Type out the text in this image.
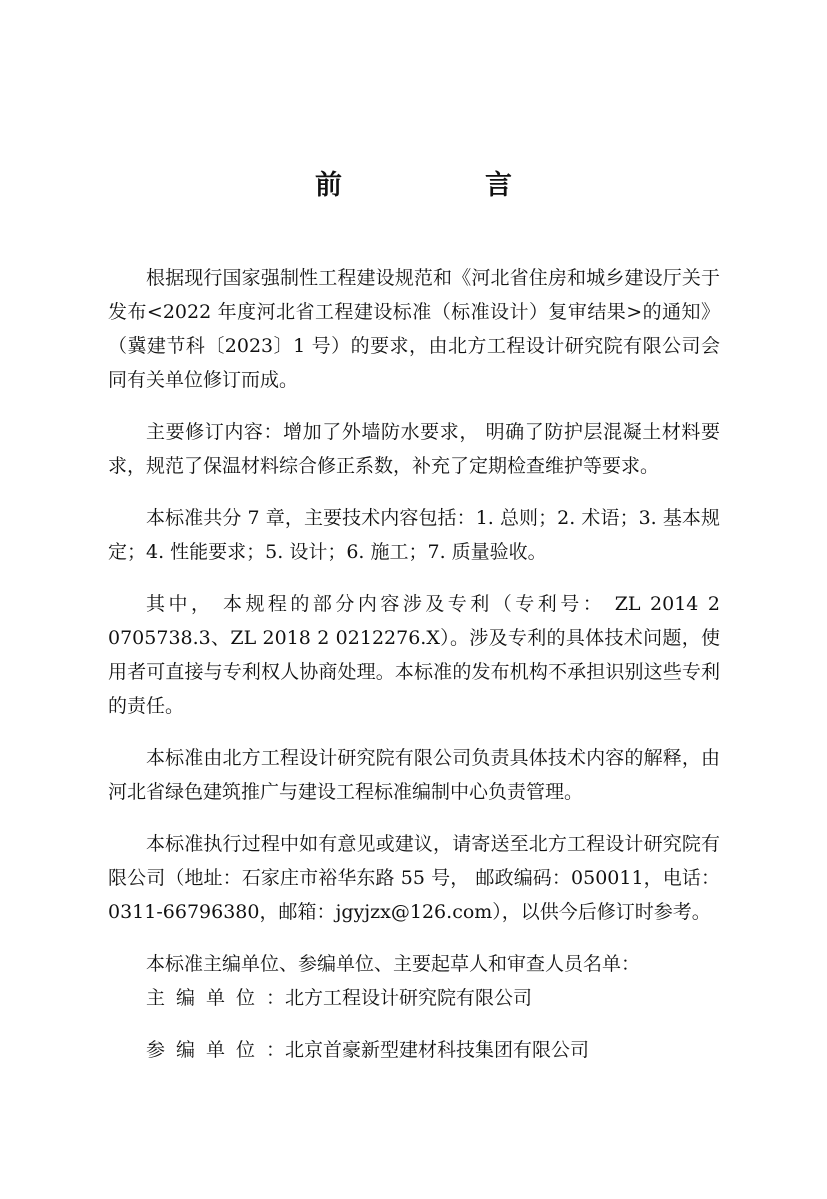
前　言

根据现行国家强制性工程建设规范和《河北省住房和城乡建设厅关于发布<2022 年度河北省工程建设标准（标准设计）复审结果>的通知》（冀建节科〔2023〕1 号）的要求，由北方工程设计研究院有限公司会同有关单位修订而成。

主要修订内容：增加了外墙防水要求， 明确了防护层混凝土材料要求，规范了保温材料综合修正系数，补充了定期检查维护等要求。

本标准共分 7 章，主要技术内容包括：1. 总则；2. 术语；3. 基本规定；4. 性能要求；5. 设计；6. 施工；7. 质量验收。

其中， 本规程的部分内容涉及专利（专利号： ZL 2014 2 0705738.3、ZL 2018 2 0212276.X）。涉及专利的具体技术问题，使用者可直接与专利权人协商处理。本标准的发布机构不承担识别这些专利的责任。

本标准由北方工程设计研究院有限公司负责具体技术内容的解释，由河北省绿色建筑推广与建设工程标准编制中心负责管理。

本标准执行过程中如有意见或建议，请寄送至北方工程设计研究院有限公司（地址：石家庄市裕华东路 55 号， 邮政编码：050011，电话：0311-66796380，邮箱：jgyjzx@126.com），以供今后修订时参考。

本标准主编单位、参编单位、主要起草人和审查人员名单：

主编单位：北方工程设计研究院有限公司

参编单位：北京首豪新型建材科技集团有限公司
